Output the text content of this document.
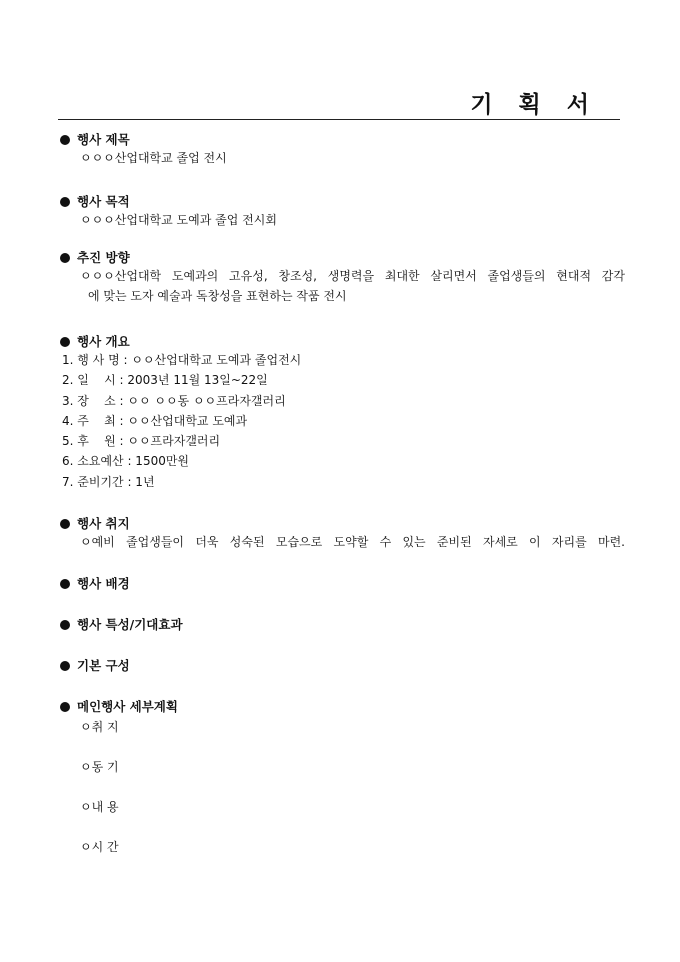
기 획 서
행사 제목

ㅇㅇㅇ산업대학교 졸업 전시

행사 목적

ㅇㅇㅇ산업대학교 도예과 졸업 전시회

추진 방향

ㅇㅇㅇ산업대학 도예과의 고유성, 창조성, 생명력을 최대한 살리면서 졸업생들의 현대적 감각

에 맞는 도자 예술과 독창성을 표현하는 작품 전시

행사 개요

1. 행 사 명 : ㅇㅇ산업대학교 도예과 졸업전시

2. 일    시 : 2003년 11월 13일~22일

3. 장    소 : ㅇㅇ ㅇㅇ동 ㅇㅇ프라자갤러리

4. 주    최 : ㅇㅇ산업대학교 도예과

5. 후    원 : ㅇㅇ프라자갤러리

6. 소요예산 : 1500만원

7. 준비기간 : 1년

행사 취지

ㅇ예비 졸업생들이 더욱 성숙된 모습으로 도약할 수 있는 준비된 자세로 이 자리를 마련.

행사 배경
행사 특성/기대효과
기본 구성
메인행사 세부계획

ㅇ취 지

ㅇ동 기

ㅇ내 용

ㅇ시 간
